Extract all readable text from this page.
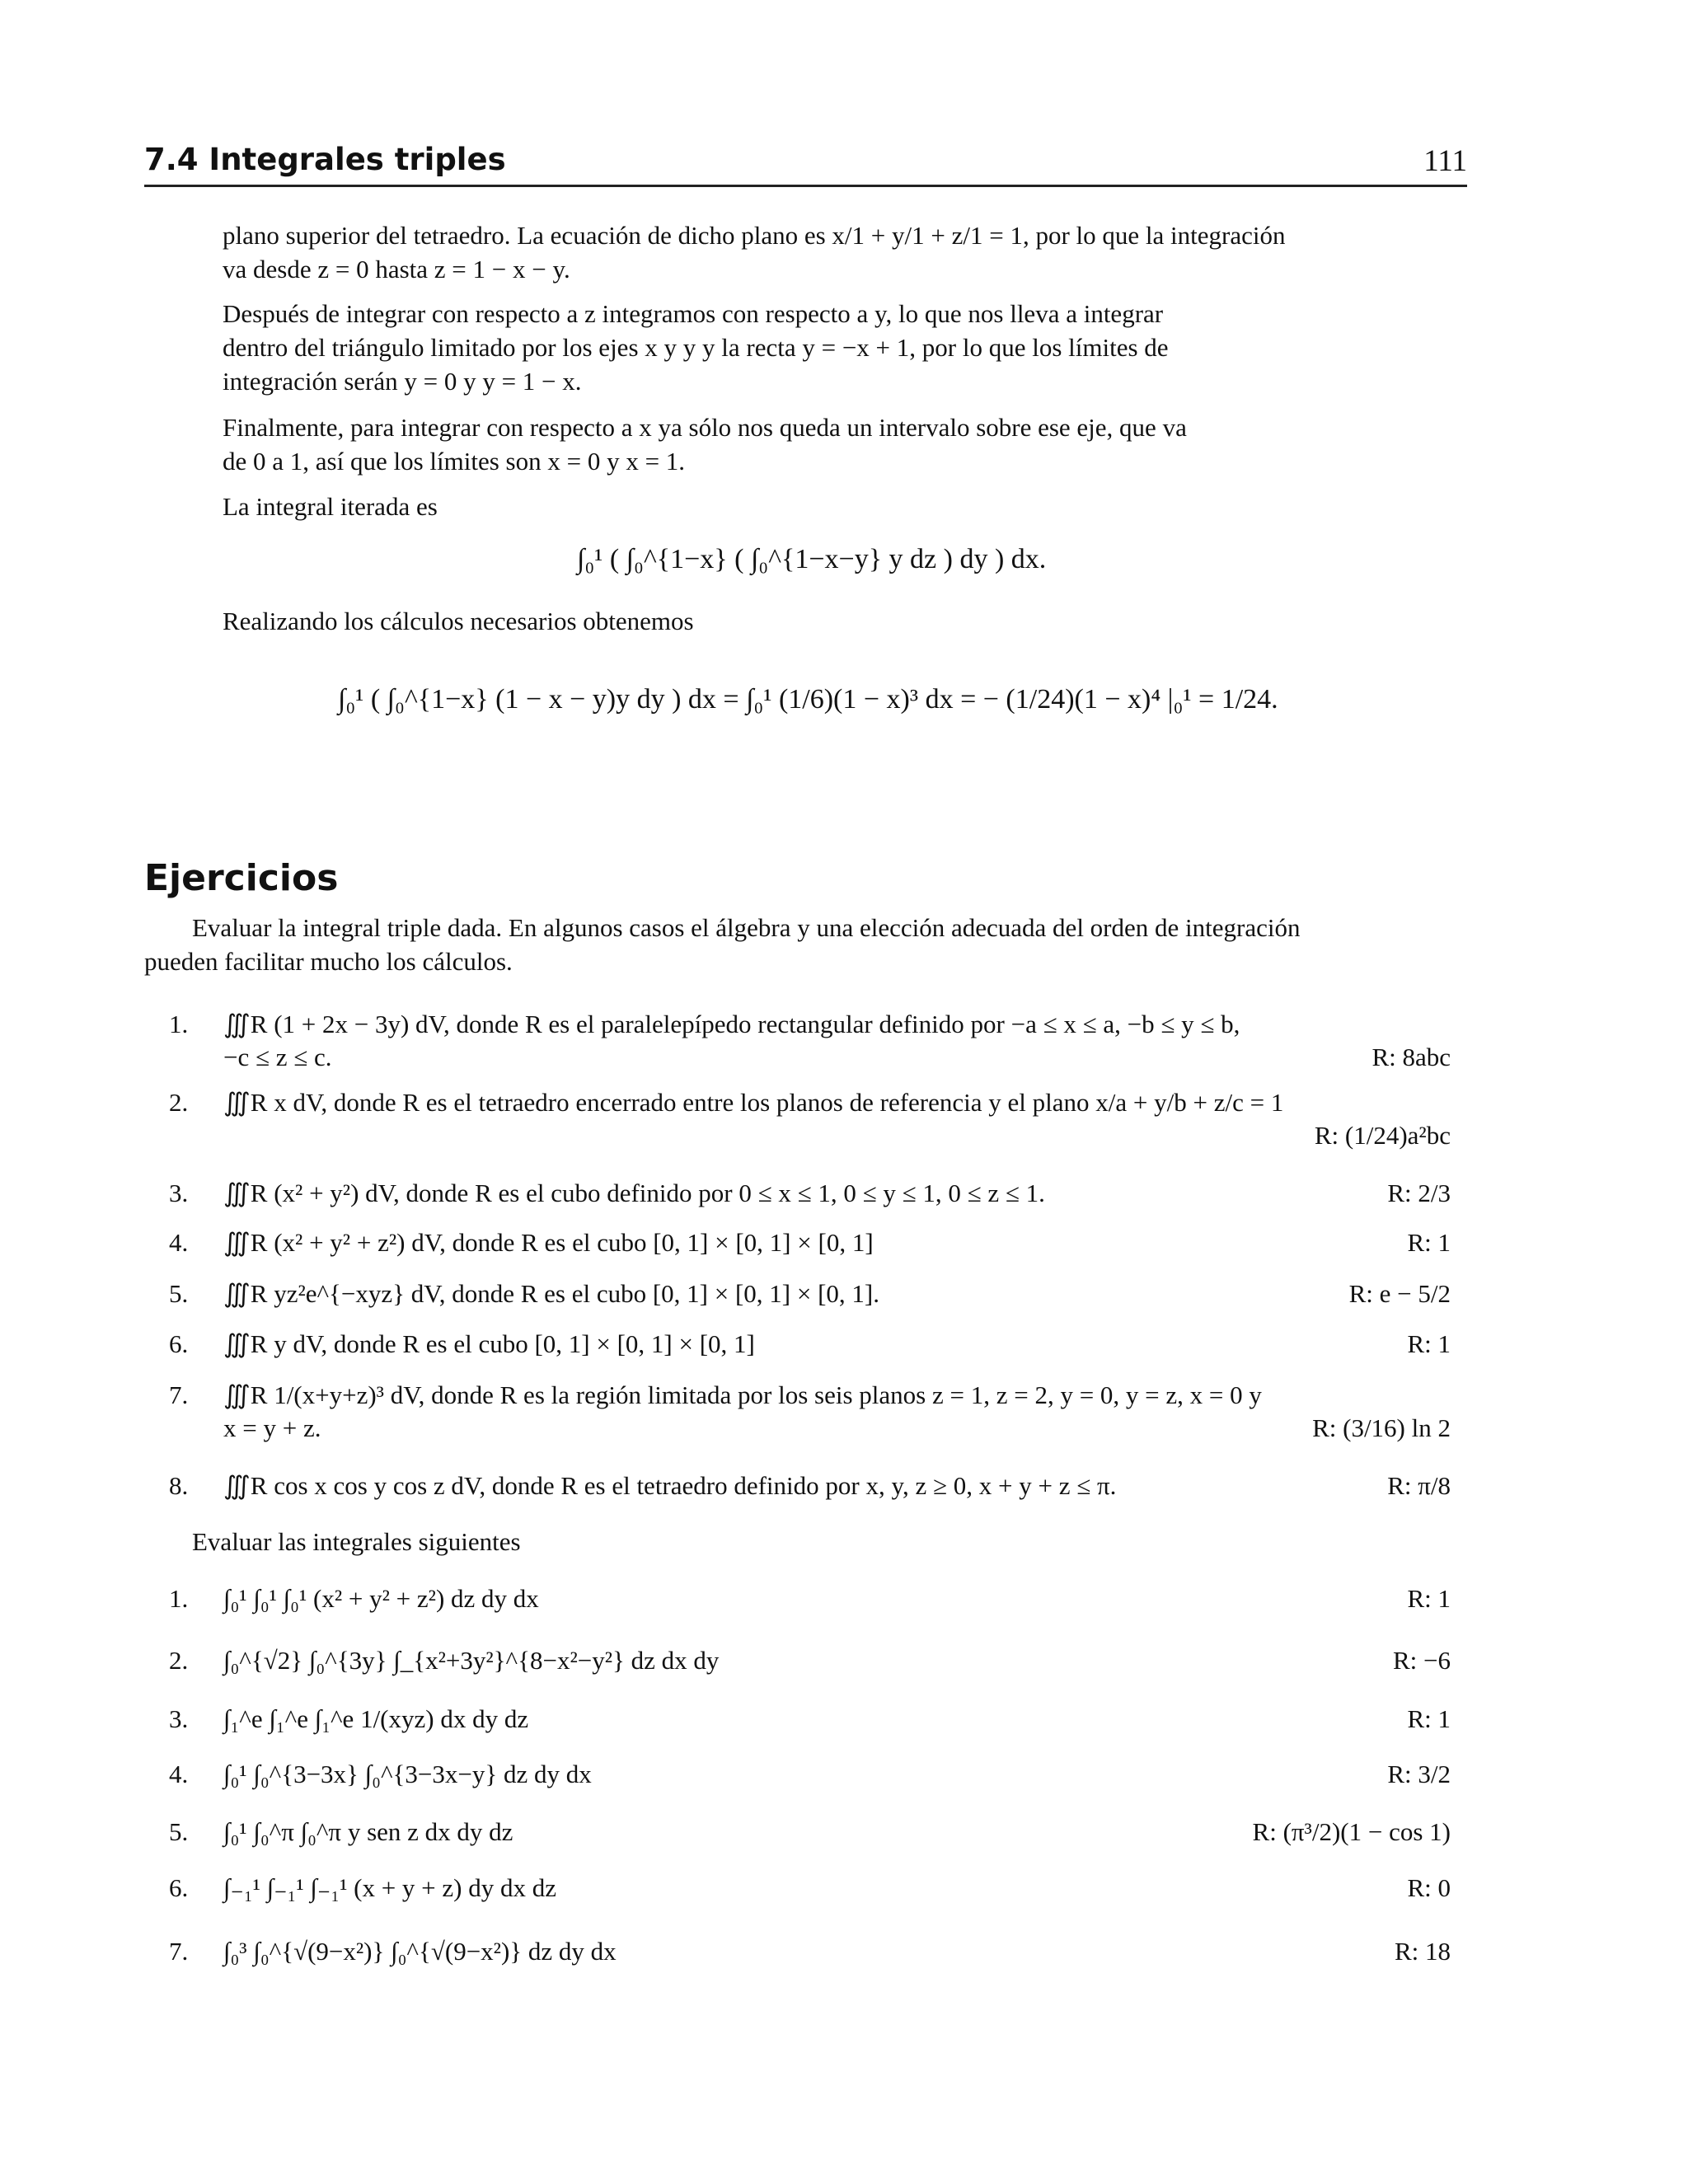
7.4 Integrales triples	111
plano superior del tetraedro. La ecuación de dicho plano es x/1 + y/1 + z/1 = 1, por lo que la integración
va desde z = 0 hasta z = 1 − x − y.
Después de integrar con respecto a z integramos con respecto a y, lo que nos lleva a integrar
dentro del triángulo limitado por los ejes x y y y la recta y = −x + 1, por lo que los límites de
integración serán y = 0 y y = 1 − x.
Finalmente, para integrar con respecto a x ya sólo nos queda un intervalo sobre ese eje, que va
de 0 a 1, así que los límites son x = 0 y x = 1.
La integral iterada es
∫₀¹ ( ∫₀^{1−x} ( ∫₀^{1−x−y} y dz ) dy ) dx.
Realizando los cálculos necesarios obtenemos
∫₀¹ ( ∫₀^{1−x} (1 − x − y)y dy ) dx = ∫₀¹ (1/6)(1 − x)³ dx = − (1/24)(1 − x)⁴ |₀¹ = 1/24.
Ejercicios
Evaluar la integral triple dada. En algunos casos el álgebra y una elección adecuada del orden de integración
pueden facilitar mucho los cálculos.
1. ∭R (1 + 2x − 3y) dV, donde R es el paralelepípedo rectangular definido por −a ≤ x ≤ a, −b ≤ y ≤ b,
−c ≤ z ≤ c.	R: 8abc
2. ∭R x dV, donde R es el tetraedro encerrado entre los planos de referencia y el plano x/a + y/b + z/c = 1
R: (1/24)a²bc
3. ∭R (x² + y²) dV, donde R es el cubo definido por 0 ≤ x ≤ 1, 0 ≤ y ≤ 1, 0 ≤ z ≤ 1.	R: 2/3
4. ∭R (x² + y² + z²) dV, donde R es el cubo [0, 1] × [0, 1] × [0, 1]	R: 1
5. ∭R yz²e^{−xyz} dV, donde R es el cubo [0, 1] × [0, 1] × [0, 1].	R: e − 5/2
6. ∭R y dV, donde R es el cubo [0, 1] × [0, 1] × [0, 1]	R: 1
7. ∭R 1/(x+y+z)³ dV, donde R es la región limitada por los seis planos z = 1, z = 2, y = 0, y = z, x = 0 y
x = y + z.	R: (3/16) ln 2
8. ∭R cos x cos y cos z dV, donde R es el tetraedro definido por x, y, z ≥ 0, x + y + z ≤ π.	R: π/8
Evaluar las integrales siguientes
1. ∫₀¹ ∫₀¹ ∫₀¹ (x² + y² + z²) dz dy dx	R: 1
2. ∫₀^{√2} ∫₀^{3y} ∫_{x²+3y²}^{8−x²−y²} dz dx dy	R: −6
3. ∫₁^e ∫₁^e ∫₁^e 1/(xyz) dx dy dz	R: 1
4. ∫₀¹ ∫₀^{3−3x} ∫₀^{3−3x−y} dz dy dx	R: 3/2
5. ∫₀¹ ∫₀^π ∫₀^π y sen z dx dy dz	R: (π³/2)(1 − cos 1)
6. ∫₋₁¹ ∫₋₁¹ ∫₋₁¹ (x + y + z) dy dx dz	R: 0
7. ∫₀³ ∫₀^{√(9−x²)} ∫₀^{√(9−x²)} dz dy dx	R: 18
